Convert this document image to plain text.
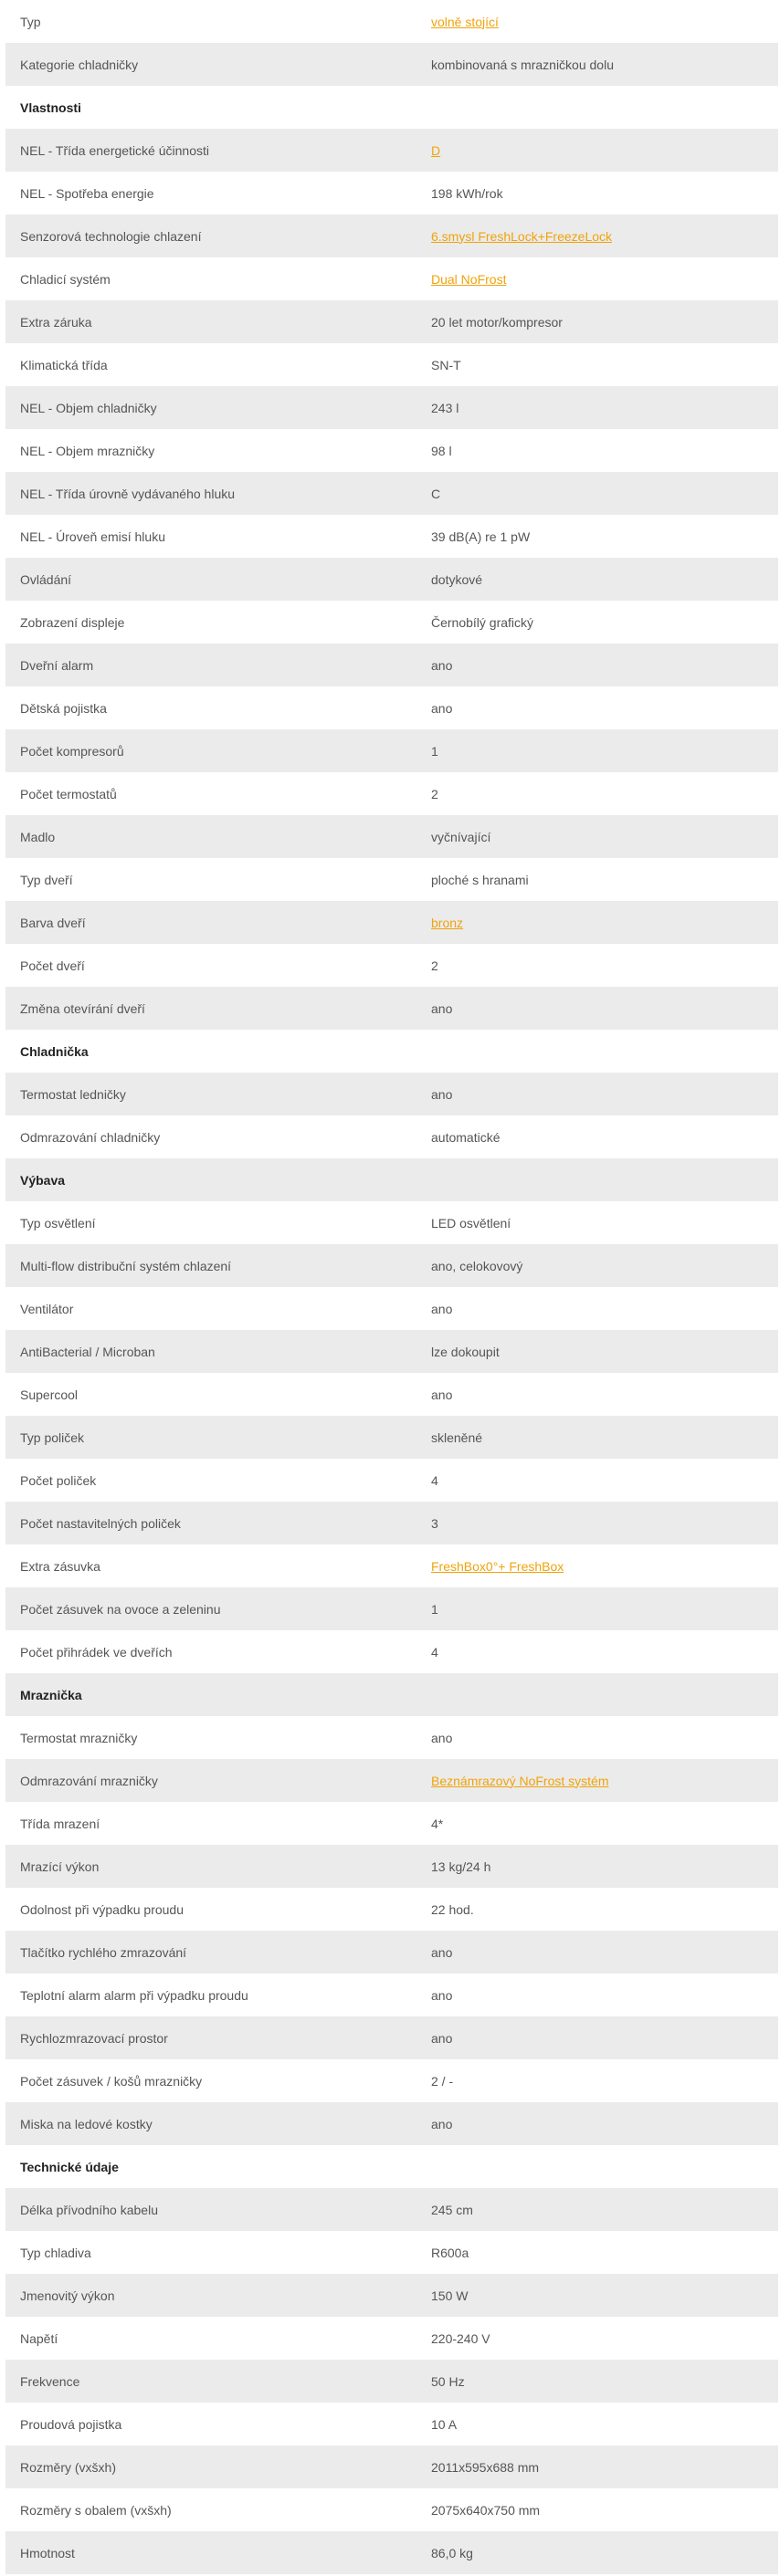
Typ	volně stojící
Kategorie chladničky	kombinovaná s mrazničkou dolu
Vlastnosti
NEL - Třída energetické účinnosti	D
NEL - Spotřeba energie	198 kWh/rok
Senzorová technologie chlazení	6.smysl FreshLock+FreezeLock
Chladicí systém	Dual NoFrost
Extra záruka	20 let motor/kompresor
Klimatická třída	SN-T
NEL - Objem chladničky	243 l
NEL - Objem mrazničky	98 l
NEL - Třída úrovně vydávaného hluku	C
NEL - Úroveň emisí hluku	39 dB(A) re 1 pW
Ovládání	dotykové
Zobrazení displeje	Černobílý grafický
Dveřní alarm	ano
Dětská pojistka	ano
Počet kompresorů	1
Počet termostatů	2
Madlo	vyčnívající
Typ dveří	ploché s hranami
Barva dveří	bronz
Počet dveří	2
Změna otevírání dveří	ano
Chladnička
Termostat ledničky	ano
Odmrazování chladničky	automatické
Výbava
Typ osvětlení	LED osvětlení
Multi-flow distribuční systém chlazení	ano, celokovový
Ventilátor	ano
AntiBacterial / Microban	lze dokoupit
Supercool	ano
Typ poliček	skleněné
Počet poliček	4
Počet nastavitelných poliček	3
Extra zásuvka	FreshBox0°+ FreshBox
Počet zásuvek na ovoce a zeleninu	1
Počet přihrádek ve dveřích	4
Mraznička
Termostat mrazničky	ano
Odmrazování mrazničky	Beznámrazový NoFrost systém
Třída mrazení	4*
Mrazící výkon	13 kg/24 h
Odolnost při výpadku proudu	22 hod.
Tlačítko rychlého zmrazování	ano
Teplotní alarm alarm při výpadku proudu	ano
Rychlozmrazovací prostor	ano
Počet zásuvek / košů mrazničky	2 / -
Miska na ledové kostky	ano
Technické údaje
Délka přívodního kabelu	245 cm
Typ chladiva	R600a
Jmenovitý výkon	150 W
Napětí	220-240 V
Frekvence	50 Hz
Proudová pojistka	10 A
Rozměry (vxšxh)	2011x595x688 mm
Rozměry s obalem (vxšxh)	2075x640x750 mm
Hmotnost	86,0 kg
